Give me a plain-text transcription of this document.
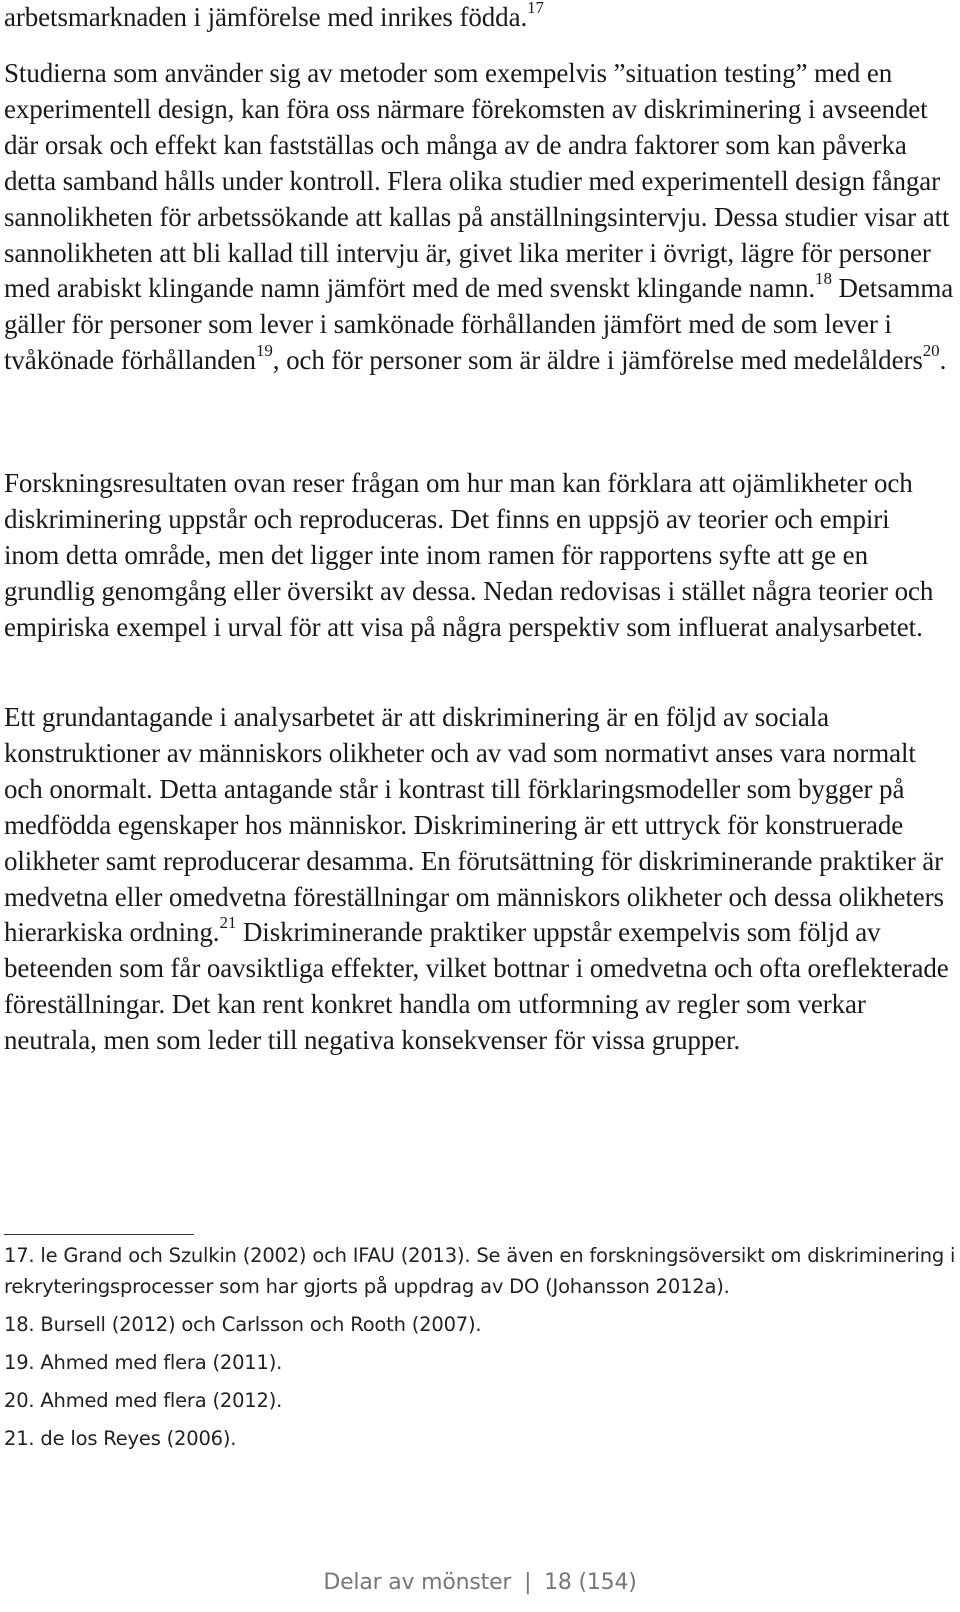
arbetsmarknaden i jämförelse med inrikes födda.$^{17}$

Studierna som använder sig av metoder som exempelvis ”situation testing” med en experimentell design, kan föra oss närmare förekomsten av diskriminering i avseendet där orsak och effekt kan fastställas och många av de andra faktorer som kan påverka detta samband hålls under kontroll. Flera olika studier med experimentell design fångar sannolikheten för arbetssökande att kallas på anställningsintervju. Dessa studier visar att sannolikheten att bli kallad till intervju är, givet lika meriter i övrigt, lägre för personer med arabiskt klingande namn jämfört med de med svenskt klingande namn.$^{18}$ Detsamma gäller för personer som lever i samkönade förhållanden jämfört med de som lever i tvåkönade förhållanden$^{19}$, och för personer som är äldre i jämförelse med medelålders$^{20}$.

Forskningsresultaten ovan reser frågan om hur man kan förklara att ojämlikheter och diskriminering uppstår och reproduceras. Det finns en uppsjö av teorier och empiri inom detta område, men det ligger inte inom ramen för rapportens syfte att ge en grundlig genomgång eller översikt av dessa. Nedan redovisas i stället några teorier och empiriska exempel i urval för att visa på några perspektiv som influerat analysarbetet.

Ett grundantagande i analysarbetet är att diskriminering är en följd av sociala konstruktioner av människors olikheter och av vad som normativt anses vara normalt och onormalt. Detta antagande står i kontrast till förklaringsmodeller som bygger på medfödda egenskaper hos människor. Diskriminering är ett uttryck för konstruerade olikheter samt reproducerar desamma. En förutsättning för diskriminerande praktiker är medvetna eller omedvetna föreställningar om människors olikheter och dessa olikheters hierarkiska ordning.$^{21}$ Diskriminerande praktiker uppstår exempelvis som följd av beteenden som får oavsiktliga effekter, vilket bottnar i omedvetna och ofta oreflekterade föreställningar. Det kan rent konkret handla om utformning av regler som verkar neutrala, men som leder till negativa konsekvenser för vissa grupper.

17. le Grand och Szulkin (2002) och IFAU (2013). Se även en forskningsöversikt om diskriminering i rekryteringsprocesser som har gjorts på uppdrag av DO (Johansson 2012a).

18. Bursell (2012) och Carlsson och Rooth (2007).

19. Ahmed med flera (2011).

20. Ahmed med flera (2012).

21. de los Reyes (2006).

Delar av mönster | 18 (154)
